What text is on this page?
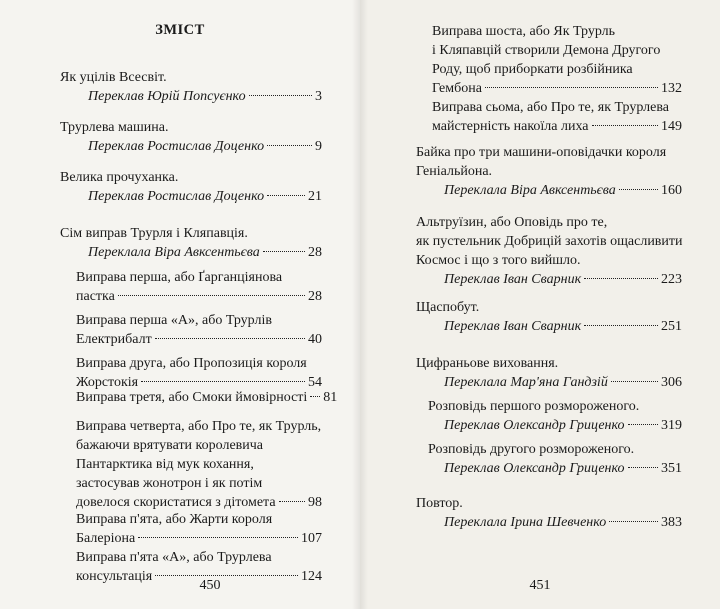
ЗМІСТ
Як уцілів Всесвіт.
Переклав Юрій Попсуєнко	3
Трурлева машина.
Переклав Ростислав Доценко	9
Велика прочуханка.
Переклав Ростислав Доценко	21
Сім виправ Трурля і Кляпавція.
Переклала Віра Авксентьєва	28
Виправа перша, або Ґарганціянова
пастка	28
Виправа перша «А», або Трурлів
Електрибалт	40
Виправа друга, або Пропозиція короля
Жорстокія	54
Виправа третя, або Смоки ймовірності 81
Виправа четверта, або Про те, як Трурль,
бажаючи врятувати королевича
Пантарктика від мук кохання,
застосував жонотрон і як потім
довелося скористатися з дітомета 98
Виправа п'ята, або Жарти короля
Балеріона	107
Виправа п'ята «А», або Трурлева
консультація	124
450
Виправа шоста, або Як Трурль
і Кляпавцій створили Демона Другого
Роду, щоб приборкати розбійника
Гембона	132
Виправа сьома, або Про те, як Трурлева
майстерність накоїла лиха	149
Байка про три машини-оповідачки короля
Геніальйона.
Переклала Віра Авксентьєва	160
Альтруїзин, або Оповідь про те,
як пустельник Добрицій захотів ощасливити
Космос і що з того вийшло.
Переклав Іван Сварник	223
Щаспобут.
Переклав Іван Сварник	251
Цифраньове виховання.
Переклала Мар'яна Гандзій	306
Розповідь першого розмороженого.
Переклав Олександр Гриценко	319
Розповідь другого розмороженого.
Переклав Олександр Гриценко	351
Повтор.
Переклала Ірина Шевченко	383
451
